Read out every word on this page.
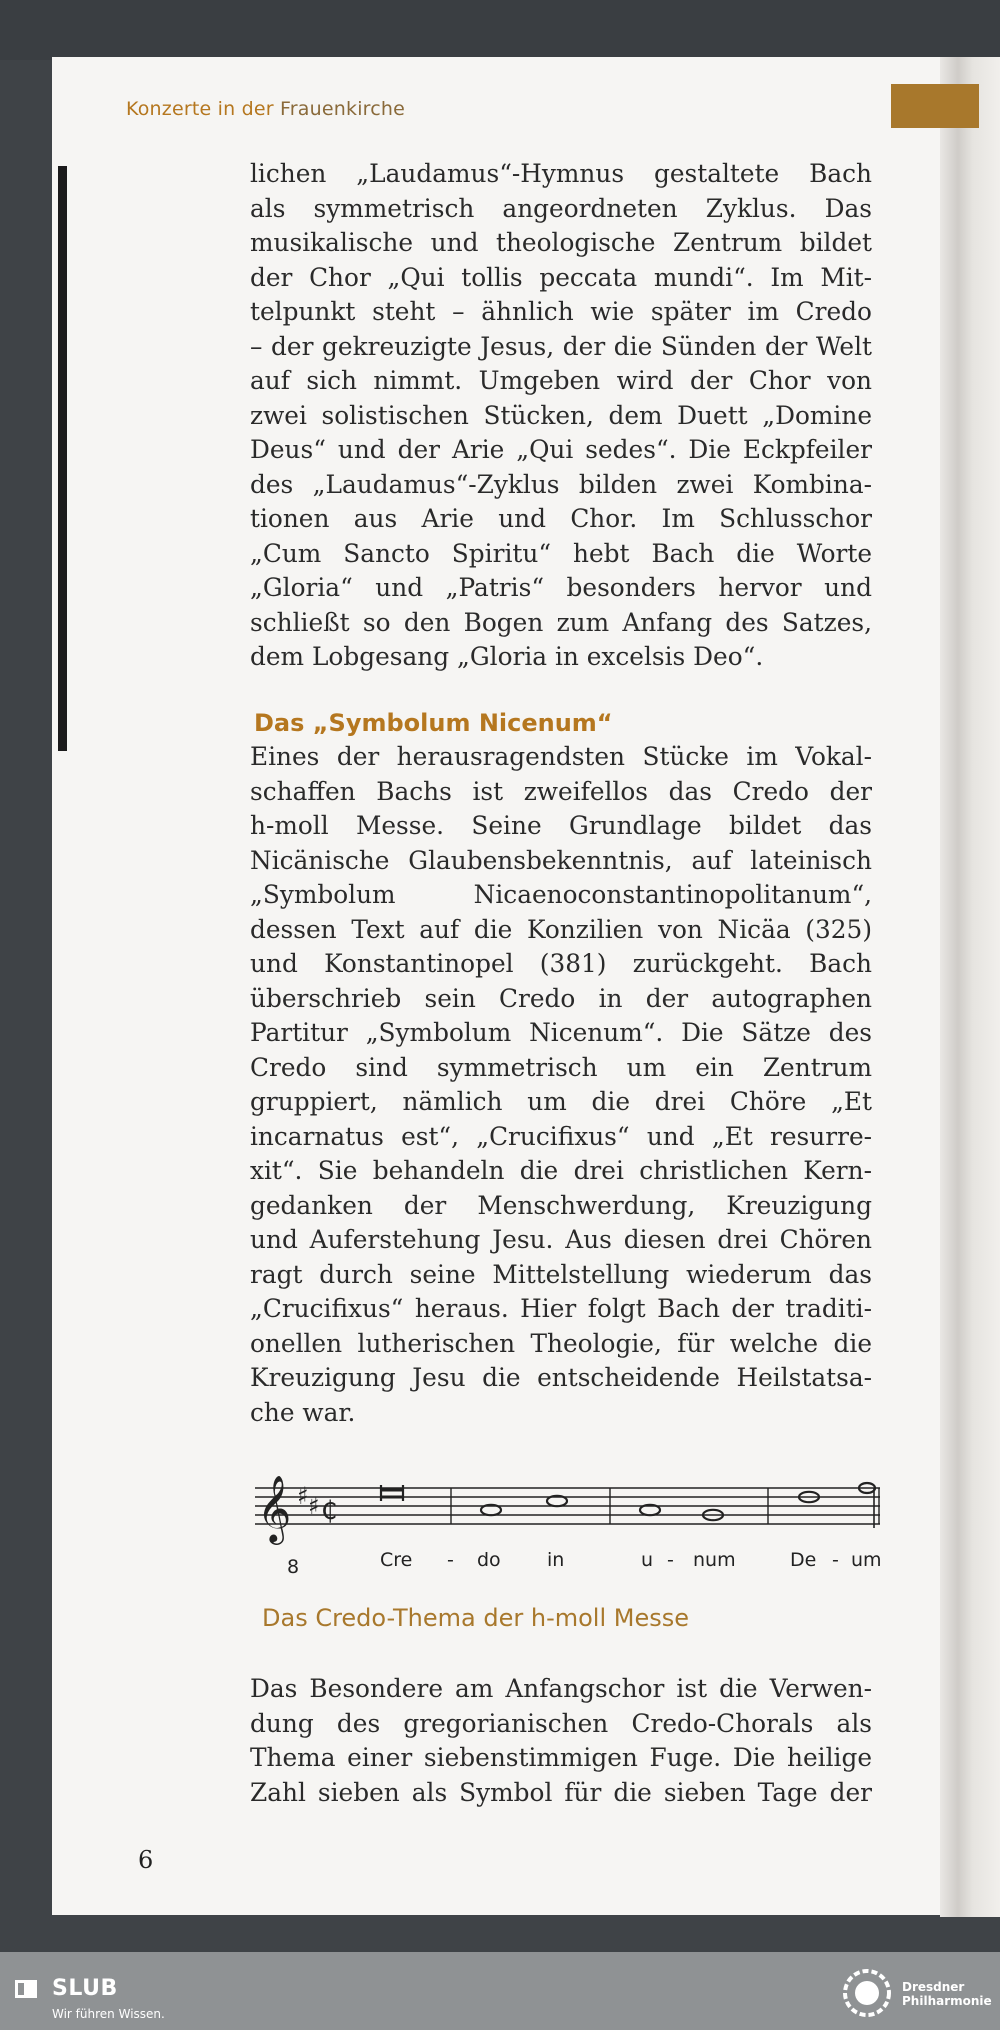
Konzerte in der Frauenkirche
lichen „Laudamus“-Hymnus gestaltete Bach
als symmetrisch angeordneten Zyklus. Das
musikalische und theologische Zentrum bildet
der Chor „Qui tollis peccata mundi“. Im Mit-
telpunkt steht – ähnlich wie später im Credo
– der gekreuzigte Jesus, der die Sünden der Welt
auf sich nimmt. Umgeben wird der Chor von
zwei solistischen Stücken, dem Duett „Domine
Deus“ und der Arie „Qui sedes“. Die Eckpfeiler
des „Laudamus“-Zyklus bilden zwei Kombina-
tionen aus Arie und Chor. Im Schlusschor
„Cum Sancto Spiritu“ hebt Bach die Worte
„Gloria“ und „Patris“ besonders hervor und
schließt so den Bogen zum Anfang des Satzes,
dem Lobgesang „Gloria in excelsis Deo“.
Das „Symbolum Nicenum“
Eines der herausragendsten Stücke im Vokal-
schaffen Bachs ist zweifellos das Credo der
h-moll Messe. Seine Grundlage bildet das
Nicänische Glaubensbekenntnis, auf lateinisch
„Symbolum Nicaenoconstantinopolitanum“,
dessen Text auf die Konzilien von Nicäa (325)
und Konstantinopel (381) zurückgeht. Bach
überschrieb sein Credo in der autographen
Partitur „Symbolum Nicenum“. Die Sätze des
Credo sind symmetrisch um ein Zentrum
gruppiert, nämlich um die drei Chöre „Et
incarnatus est“, „Crucifixus“ und „Et resurre-
xit“. Sie behandeln die drei christlichen Kern-
gedanken der Menschwerdung, Kreuzigung
und Auferstehung Jesu. Aus diesen drei Chören
ragt durch seine Mittelstellung wiederum das
„Crucifixus“ heraus. Hier folgt Bach der traditi-
onellen lutherischen Theologie, für welche die
Kreuzigung Jesu die entscheidende Heilstatsa-
che war.
𝄞 ♯ ♯ ₵
8	Cre - do in	u - num	De - um
Das Credo-Thema der h-moll Messe
Das Besondere am Anfangschor ist die Verwen-
dung des gregorianischen Credo-Chorals als
Thema einer siebenstimmigen Fuge. Die heilige
Zahl sieben als Symbol für die sieben Tage der
6
SLUB
Wir führen Wissen.
Dresdner
Philharmonie
